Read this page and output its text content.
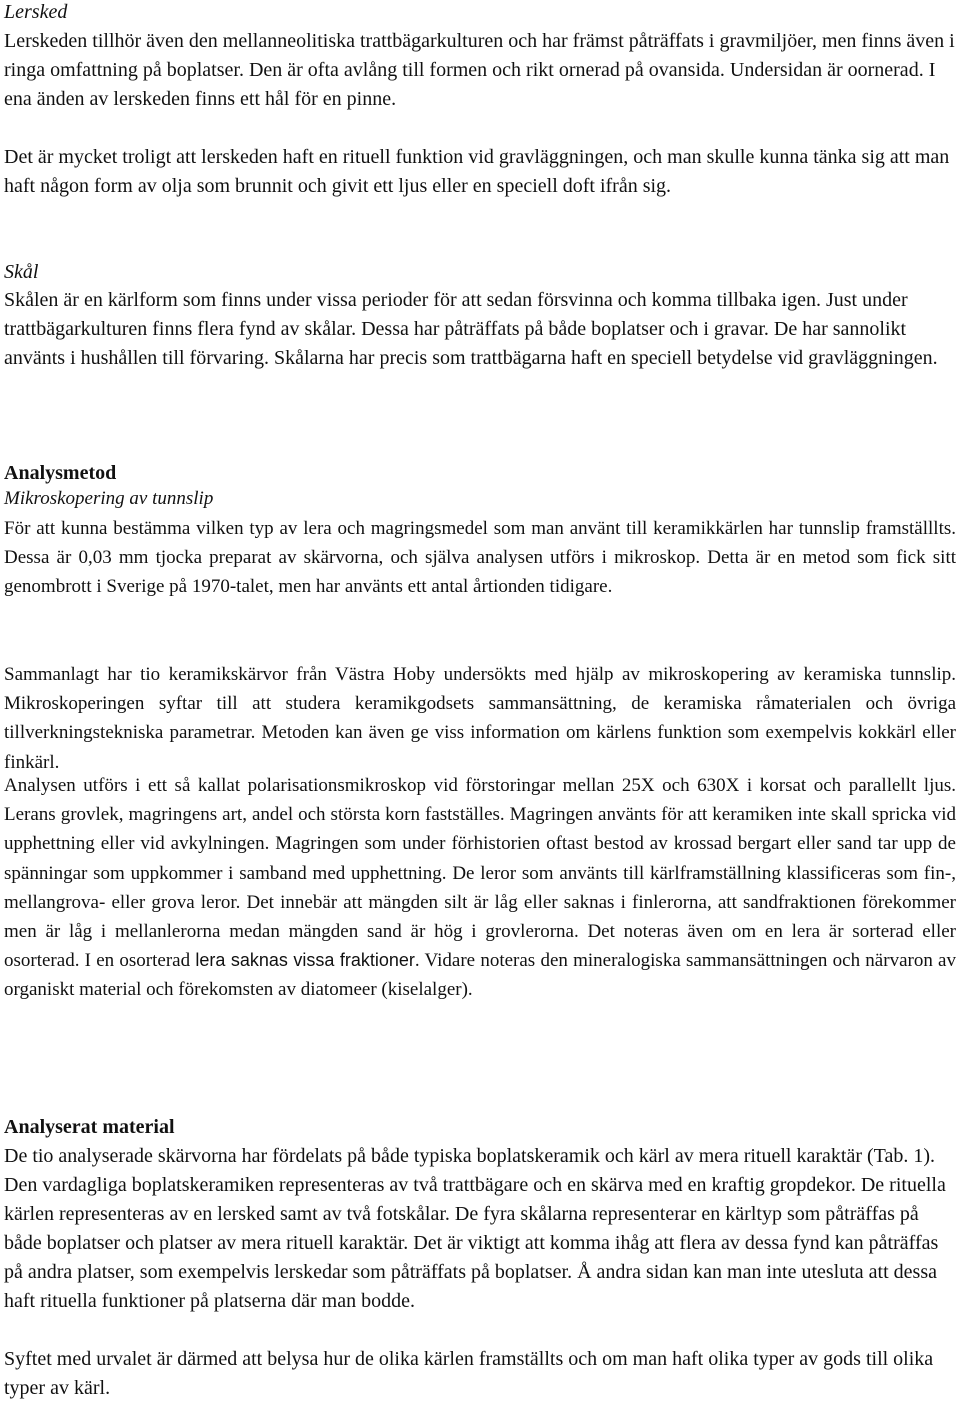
Lersked
Lerskeden tillhör även den mellanneolitiska trattbägarkulturen och har främst påträffats i gravmiljöer, men finns även i ringa omfattning på boplatser. Den är ofta avlång till formen och rikt ornerad på ovansida. Undersidan är oornerad. I ena änden av lerskeden finns ett hål för en pinne.
Det är mycket troligt att lerskeden haft en rituell funktion vid gravläggningen, och man skulle kunna tänka sig att man haft någon form av olja som brunnit och givit ett ljus eller en speciell doft ifrån sig.
Skål
Skålen är en kärlform som finns under vissa perioder för att sedan försvinna och komma tillbaka igen. Just under trattbägarkulturen finns flera fynd av skålar. Dessa har påträffats på både boplatser och i gravar. De har sannolikt använts i hushållen till förvaring. Skålarna har precis som trattbägarna haft en speciell betydelse vid gravläggningen.
Analysmetod
Mikroskopering av tunnslip
För att kunna bestämma vilken typ av lera och magringsmedel som man använt till keramikkärlen har tunnslip framställlts. Dessa är 0,03 mm tjocka preparat av skärvorna, och själva analysen utförs i mikroskop. Detta är en metod som fick sitt genombrott i Sverige på 1970-talet, men har använts ett antal årtionden tidigare.
Sammanlagt har tio keramikskärvor från Västra Hoby undersökts med hjälp av mikroskopering av keramiska tunnslip. Mikroskoperingen syftar till att studera keramikgodsets sammansättning, de keramiska råmaterialen och övriga tillverkningstekniska parametrar. Metoden kan även ge viss information om kärlens funktion som exempelvis kokkärl eller finkärl.
Analysen utförs i ett så kallat polarisationsmikroskop vid förstoringar mellan 25X och 630X i korsat och parallellt ljus. Lerans grovlek, magringens art, andel och största korn fastställes. Magringen använts för att keramiken inte skall spricka vid upphettning eller vid avkylningen. Magringen som under förhistorien oftast bestod av krossad bergart eller sand tar upp de spänningar som uppkommer i samband med upphettning. De leror som använts till kärlframställning klassificeras som fin-, mellangrova- eller grova leror. Det innebär att mängden silt är låg eller saknas i finlerorna, att sandfraktionen förekommer men är låg i mellanlerorna medan mängden sand är hög i grovlerorna. Det noteras även om en lera är sorterad eller osorterad. I en osorterad lera saknas vissa fraktioner. Vidare noteras den mineralogiska sammansättningen och närvaron av organiskt material och förekomsten av diatomeer (kiselalger).
Analyserat material
De tio analyserade skärvorna har fördelats på både typiska boplatskeramik och kärl av mera rituell karaktär (Tab. 1). Den vardagliga boplatskeramiken representeras av två trattbägare och en skärva med en kraftig gropdekor. De rituella kärlen representeras av en lersked samt av två fotskålar. De fyra skålarna representerar en kärltyp som påträffas på både boplatser och platser av mera rituell karaktär. Det är viktigt att komma ihåg att flera av dessa fynd kan påträffas på andra platser, som exempelvis lerskedar som påträffats på boplatser. Å andra sidan kan man inte utesluta att dessa haft rituella funktioner på platserna där man bodde.
Syftet med urvalet är därmed att belysa hur de olika kärlen framställts och om man haft olika typer av gods till olika typer av kärl.
